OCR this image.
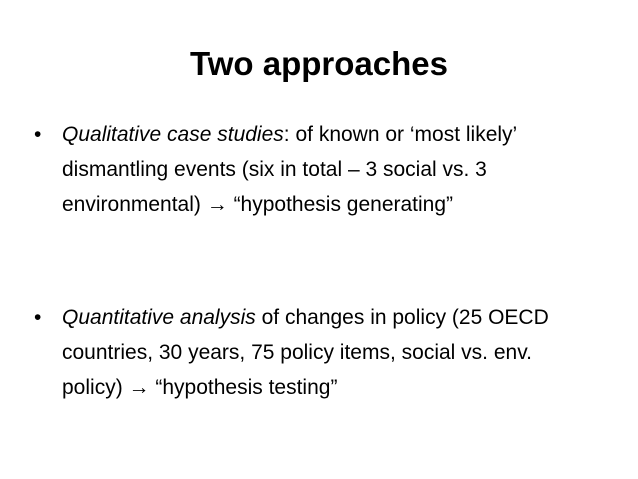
Two approaches
• Qualitative case studies: of known or ‘most likely’ dismantling events (six in total – 3 social vs. 3 environmental) → “hypothesis generating”
• Quantitative analysis of changes in policy (25 OECD countries, 30 years, 75 policy items, social vs. env. policy) → “hypothesis testing”
